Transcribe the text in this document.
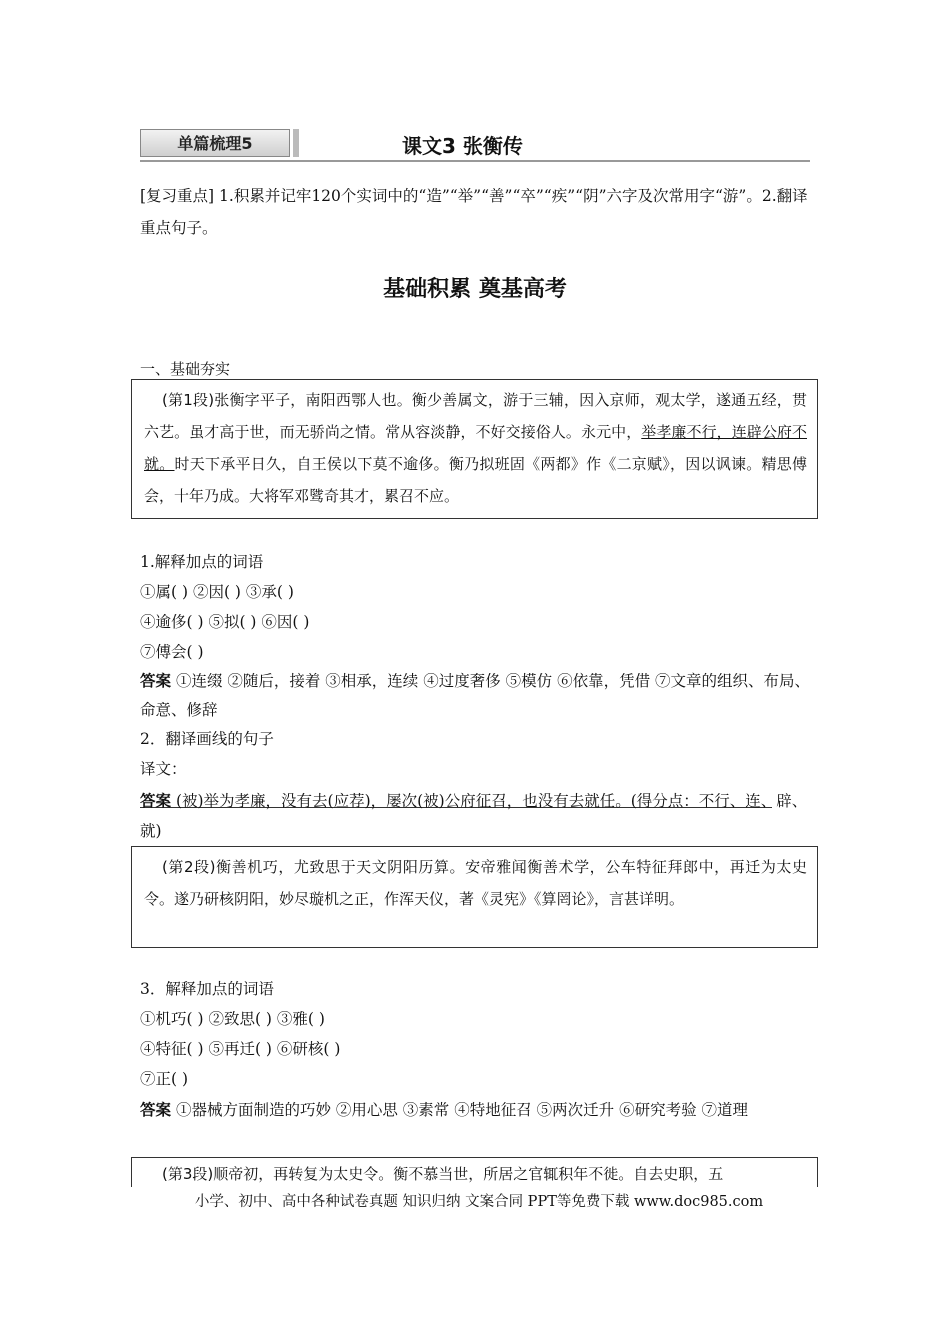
单篇梳理5	课文3 张衡传
[复习重点] 1.积累并记牢120个实词中的“造”“举”“善”“卒”“疾”“阴”六字及次常用字“游”。2.翻译重点句子。
基础积累 奠基高考
一、基础夯实

(第1段)张衡字平子，南阳西鄂人也。衡少善属文，游于三辅，因入京师，观太学，遂通五经，贯六艺。虽才高于世，而无骄尚之情。常从容淡静，不好交接俗人。永元中，举孝廉不行，连辟公府不就。时天下承平日久，自王侯以下莫不逾侈。衡乃拟班固《两都》作《二京赋》，因以讽谏。精思傅会，十年乃成。大将军邓骘奇其才，累召不应。

1.解释加点的词语
①属( ) ②因( ) ③承( )
④逾侈( ) ⑤拟( ) ⑥因( )
⑦傅会( )
答案 ①连缀 ②随后，接着 ③相承，连续 ④过度奢侈 ⑤模仿 ⑥依靠，凭借 ⑦文章的组织、布局、命意、修辞
2．翻译画线的句子
译文：
答案 (被)举为孝廉，没有去(应荐)，屡次(被)公府征召，也没有去就任。(得分点：不行、连、辟、就)

(第2段)衡善机巧，尤致思于天文阴阳历算。安帝雅闻衡善术学，公车特征拜郎中，再迁为太史令。遂乃研核阴阳，妙尽璇机之正，作浑天仪，著《灵宪》《算罔论》，言甚详明。

3．解释加点的词语
①机巧( ) ②致思( ) ③雅( )
④特征( ) ⑤再迁( ) ⑥研核( )
⑦正( )
答案 ①器械方面制造的巧妙 ②用心思 ③素常 ④特地征召 ⑤两次迁升 ⑥研究考验 ⑦道理

(第3段)顺帝初，再转复为太史令。衡不慕当世，所居之官辄积年不徙。自去史职，五

小学、初中、高中各种试卷真题 知识归纳 文案合同 PPT等免费下载 www.doc985.com
